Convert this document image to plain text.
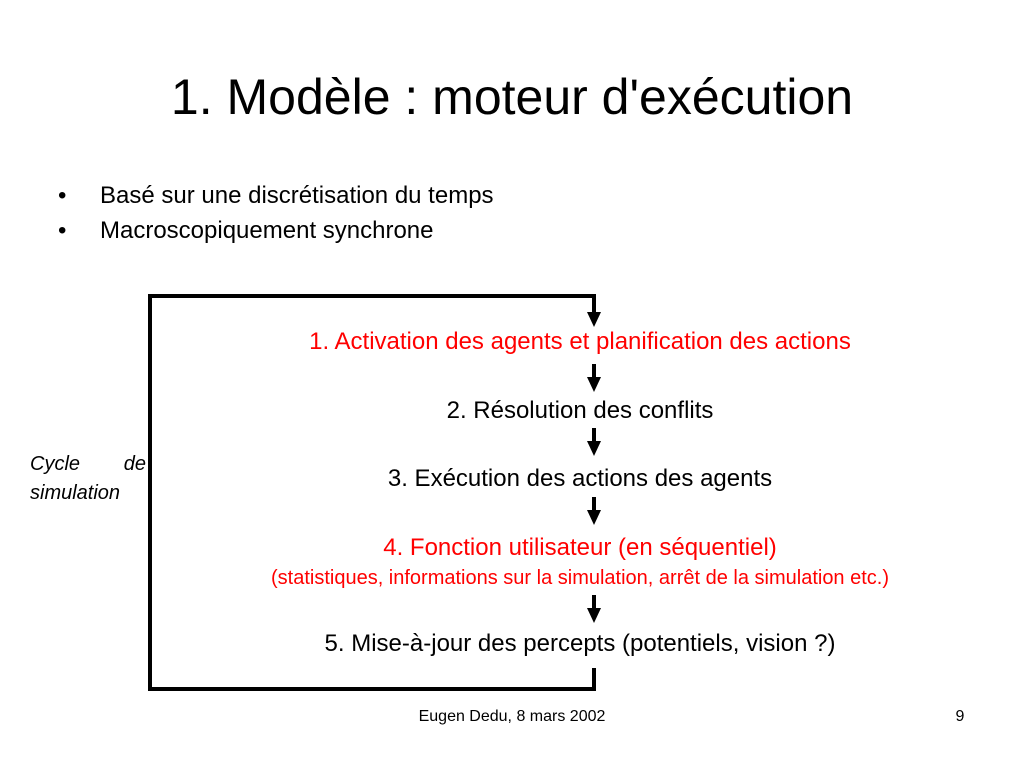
1. Modèle : moteur d'exécution
• Basé sur une discrétisation du temps
• Macroscopiquement synchrone
1. Activation des agents et planification des actions
2. Résolution des conflits
3. Exécution des actions des agents
4. Fonction utilisateur (en séquentiel)
(statistiques, informations sur la simulation, arrêt de la simulation etc.)
5. Mise-à-jour des percepts (potentiels, vision ?)
Cycle de
simulation
Eugen Dedu, 8 mars 2002	9
